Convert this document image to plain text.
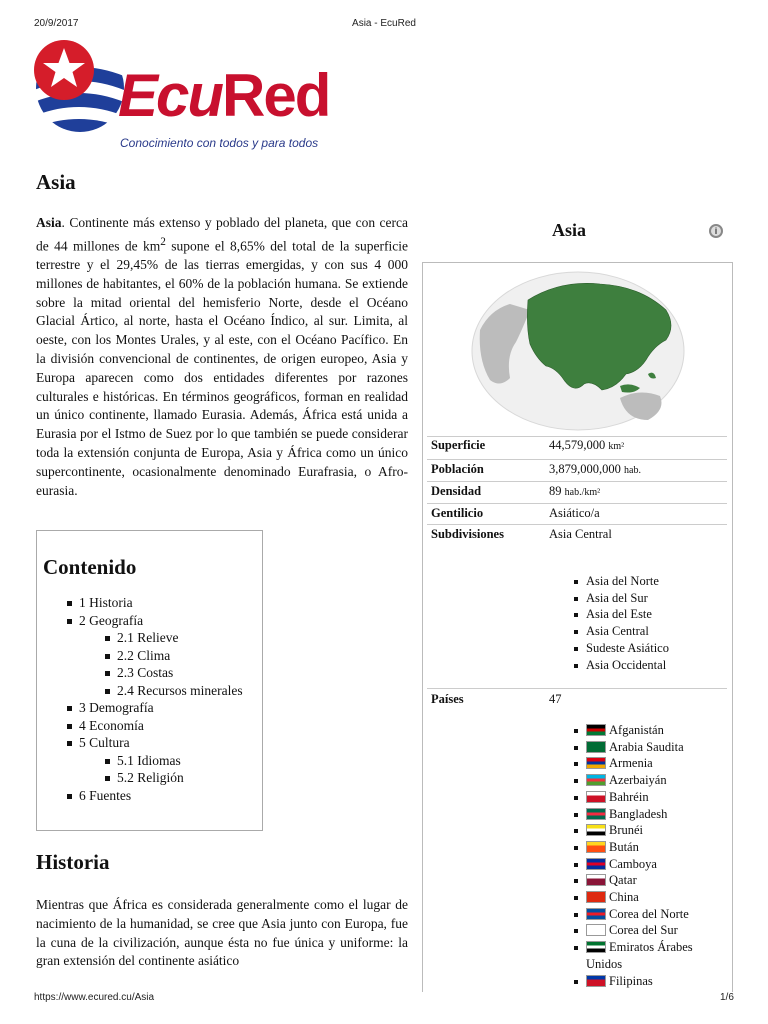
20/9/2017	Asia - EcuRed
EcuRed
Conocimiento con todos y para todos
Asia

Asia. Continente más extenso y poblado del planeta, que con cerca de 44 millones de $km^2$ supone el 8,65% del total de la superficie terrestre y el 29,45% de las tierras emergidas, y con sus 4 000 millones de habitantes, el 60% de la población humana. Se extiende sobre la mitad oriental del hemisferio Norte, desde el Océano Glacial Ártico, al norte, hasta el Océano Índico, al sur. Limita, al oeste, con los Montes Urales, y al este, con el Océano Pacífico. En la división convencional de continentes, de origen europeo, Asia y Europa aparecen como dos entidades diferentes por razones culturales e históricas. En términos geográficos, forman en realidad un único continente, llamado Eurasia. Además, África está unida a Eurasia por el Istmo de Suez por lo que también se puede considerar toda la extensión conjunta de Europa, Asia y África como un único supercontinente, ocasionalmente denominado Eurafrasia, o Afro-eurasia.

Contenido
1 Historia
2 Geografía
2.1 Relieve
2.2 Clima
2.3 Costas
2.4 Recursos minerales
3 Demografía
4 Economía
5 Cultura
5.1 Idiomas
5.2 Religión
6 Fuentes
Historia

Mientras que África es considerada generalmente como el lugar de nacimiento de la humanidad, se cree que Asia junto con Europa, fue la cuna de la civilización, aunque ésta no fue única y uniforme: la gran extensión del continente asiático

Asia	i
Superficie	44,579,000 km²
Población	3,879,000,000 hab.
Densidad	89 hab./km²
Gentilicio	Asiático/a
Subdivisiones	Asia Central
Asia del Norte
Asia del Sur
Asia del Este
Asia Central
Sudeste Asiático
Asia Occidental
Países	47
Afganistán
Arabia Saudita
Armenia
Azerbaiyán
Bahréin
Bangladesh
Brunéi
Bután
Camboya
Qatar
China
Corea del Norte
Corea del Sur
Emiratos Árabes Unidos
Filipinas
https://www.ecured.cu/Asia	1/6
